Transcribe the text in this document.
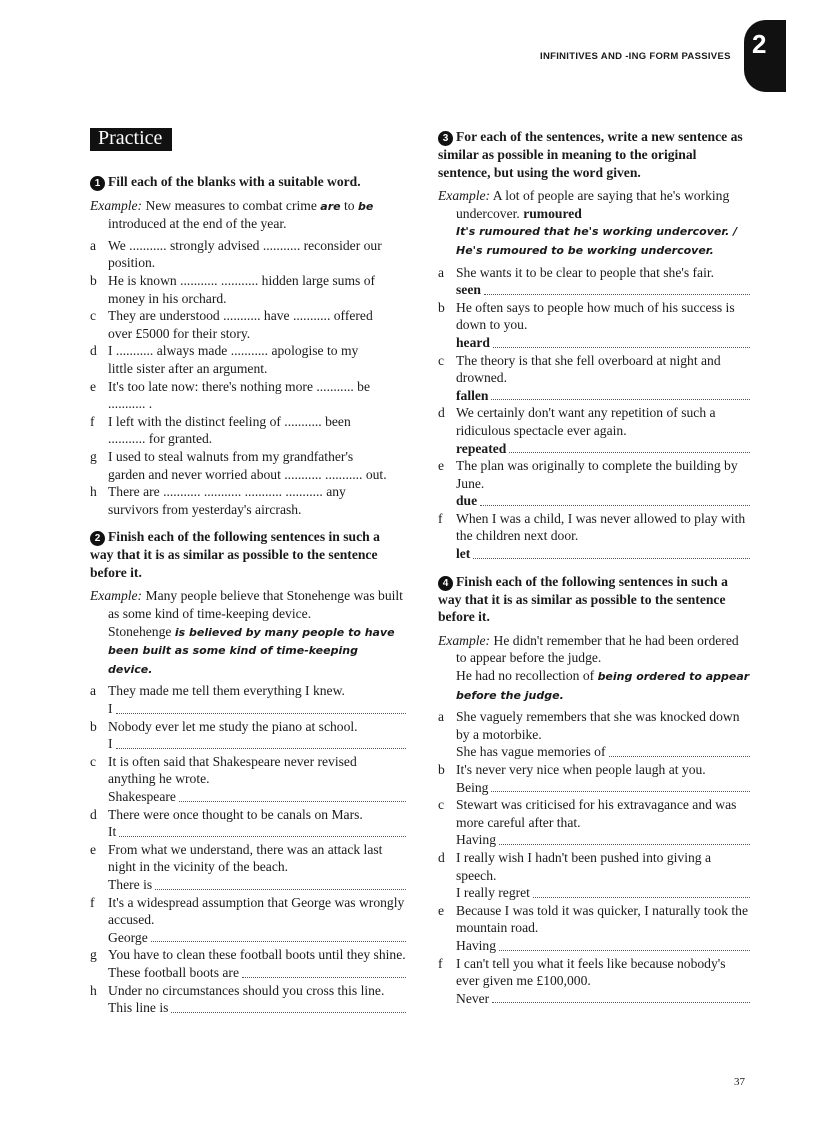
INFINITIVES AND -ING FORM PASSIVES 2
Practice
1 Fill each of the blanks with a suitable word.
Example: New measures to combat crime are to be introduced at the end of the year.
a We ........... strongly advised ........... reconsider our
position.
b He is known ........... ........... hidden large sums of
money in his orchard.
c They are understood ........... have ........... offered
over £5000 for their story.
d I ........... always made ........... apologise to my
little sister after an argument.
e It's too late now: there's nothing more ........... be
........... .
f I left with the distinct feeling of ........... been
........... for granted.
g I used to steal walnuts from my grandfather's
garden and never worried about ........... ........... out.
h There are ........... ........... ........... ........... any
survivors from yesterday's aircrash.
2 Finish each of the following sentences in such a way that it is as similar as possible to the sentence before it.
Example: Many people believe that Stonehenge was built as some kind of time-keeping device.
Stonehenge is believed by many people to have been built as some kind of time-keeping device.
a They made me tell them everything I knew.
I
b Nobody ever let me study the piano at school.
I
c It is often said that Shakespeare never revised anything he wrote.
Shakespeare
d There were once thought to be canals on Mars.
It
e From what we understand, there was an attack last night in the vicinity of the beach.
There is
f It's a widespread assumption that George was wrongly accused.
George
g You have to clean these football boots until they shine.
These football boots are
h Under no circumstances should you cross this line.
This line is
3 For each of the sentences, write a new sentence as similar as possible in meaning to the original sentence, but using the word given.
Example: A lot of people are saying that he's working undercover. rumoured
It's rumoured that he's working undercover. /
He's rumoured to be working undercover.
a She wants it to be clear to people that she's fair.
seen
b He often says to people how much of his success is down to you.
heard
c The theory is that she fell overboard at night and drowned.
fallen
d We certainly don't want any repetition of such a ridiculous spectacle ever again.
repeated
e The plan was originally to complete the building by June.
due
f When I was a child, I was never allowed to play with the children next door.
let
4 Finish each of the following sentences in such a way that it is as similar as possible to the sentence before it.
Example: He didn't remember that he had been ordered to appear before the judge.
He had no recollection of being ordered to appear before the judge.
a She vaguely remembers that she was knocked down by a motorbike.
She has vague memories of
b It's never very nice when people laugh at you.
Being
c Stewart was criticised for his extravagance and was more careful after that.
Having
d I really wish I hadn't been pushed into giving a speech.
I really regret
e Because I was told it was quicker, I naturally took the mountain road.
Having
f I can't tell you what it feels like because nobody's ever given me £100,000.
Never
37
